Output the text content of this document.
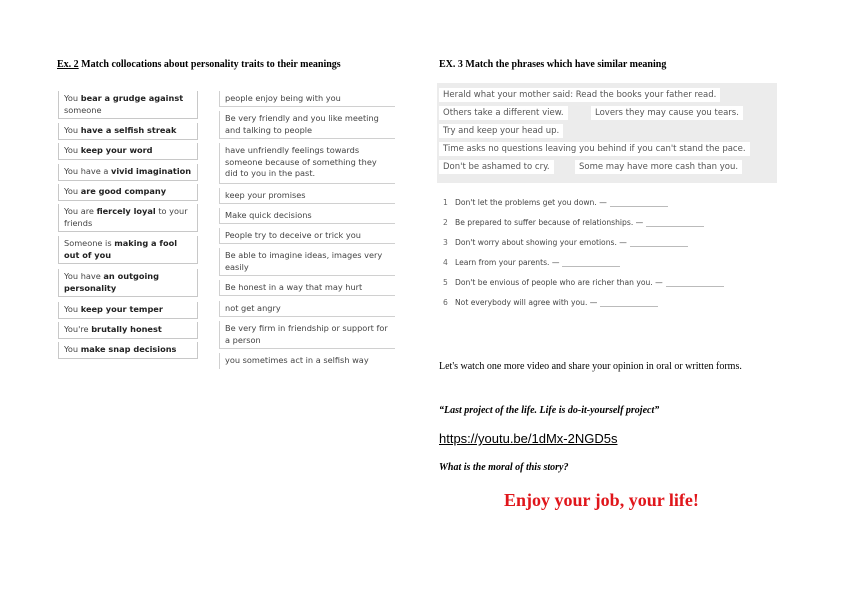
Ex. 2 Match collocations about personality traits to their meanings
You bear a grudge against someone
You have a selfish streak
You keep your word
You have a vivid imagination
You are good company
You are fiercely loyal to your friends
Someone is making a fool out of you
You have an outgoing personality
You keep your temper
You're brutally honest
You make snap decisions
people enjoy being with you
Be very friendly and you like meeting and talking to people
have unfriendly feelings towards someone because of something they did to you in the past.
keep your promises
Make quick decisions
People try to deceive or trick you
Be able to imagine ideas, images very easily
Be honest in a way that may hurt
not get angry
Be very firm in friendship or support for a person
you sometimes act in a selfish way
EX. 3 Match the phrases which have similar meaning
Herald what your mother said: Read the books your father read.
Others take a different view.	Lovers they may cause you tears.
Try and keep your head up.
Time asks no questions leaving you behind if you can't stand the pace.
Don't be ashamed to cry.	Some may have more cash than you.
1 Don't let the problems get you down. —
2 Be prepared to suffer because of relationships. —
3 Don't worry about showing your emotions. —
4 Learn from your parents. —
5 Don't be envious of people who are richer than you. —
6 Not everybody will agree with you. —
Let's watch one more video and share your opinion in oral or written forms.
“Last project of the life. Life is do-it-yourself project”
https://youtu.be/1dMx-2NGD5s
What is the moral of this story?
Enjoy your job, your life!
